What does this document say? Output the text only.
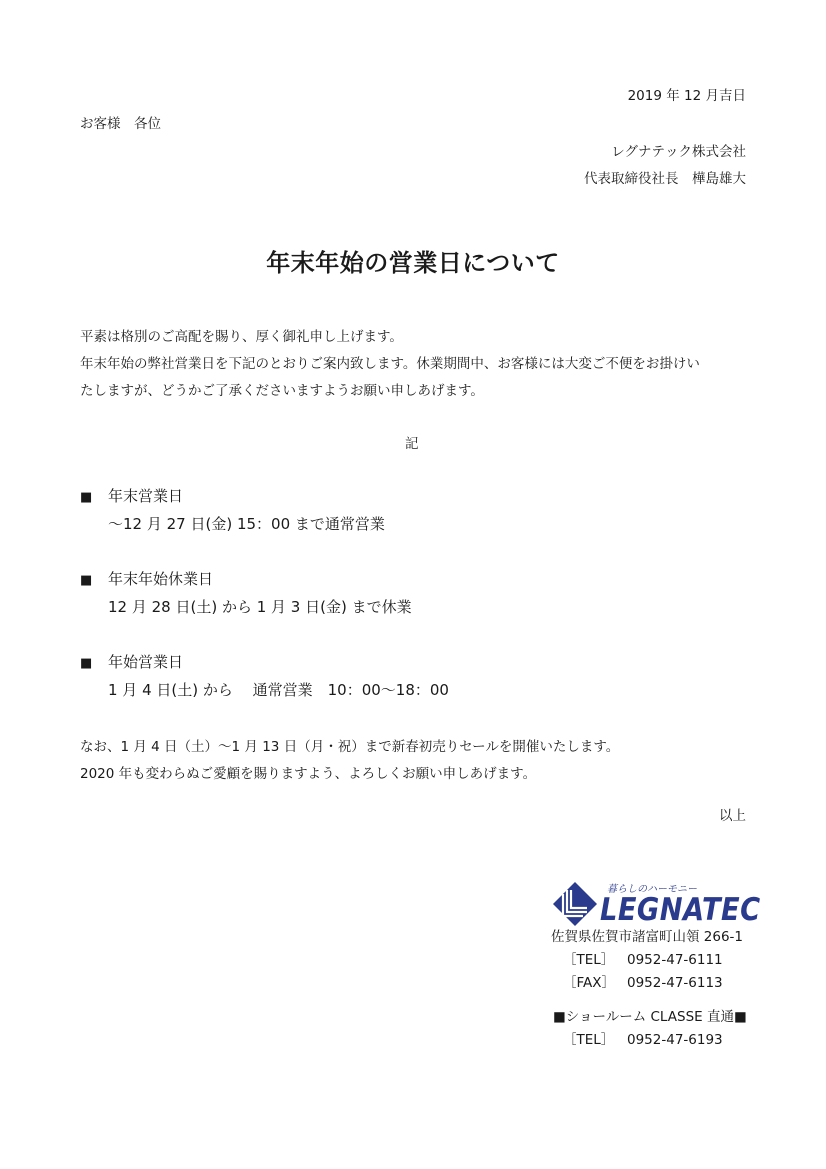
2019 年 12 月吉日
お客様　各位
レグナテック株式会社
代表取締役社長　樺島雄大
年末年始の営業日について
平素は格別のご高配を賜り、厚く御礼申し上げます。
年末年始の弊社営業日を下記のとおりご案内致します。休業期間中、お客様には大変ご不便をお掛けい
たしますが、どうかご了承くださいますようお願い申しあげます。
記
■ 年末営業日
～12 月 27 日(金) 15：00 まで通常営業
■ 年末年始休業日
12 月 28 日(土) から 1 月 3 日(金) まで休業
■ 年始営業日
1 月 4 日(土) から　 通常営業　10：00～18：00
なお、1 月 4 日（土）～1 月 13 日（月・祝）まで新春初売りセールを開催いたします。
2020 年も変わらぬご愛顧を賜りますよう、よろしくお願い申しあげます。
以上
暮らしのハーモニー
LEGNATEC
佐賀県佐賀市諸富町山領 266-1
［TEL］ 0952-47-6111
［FAX］ 0952-47-6113
■ショールーム CLASSE 直通■
［TEL］ 0952-47-6193
